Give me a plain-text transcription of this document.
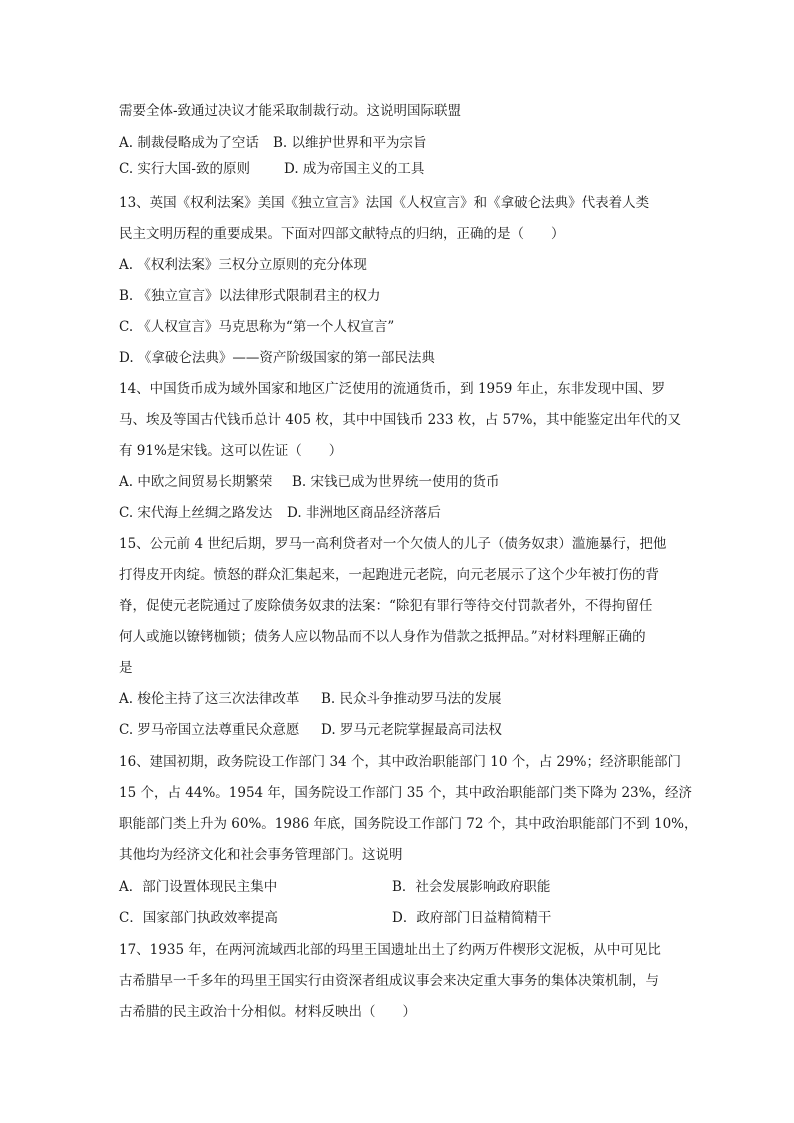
需要全体-致通过决议才能采取制裁行动。这说明国际联盟
A. 制裁侵略成为了空话 B. 以维护世界和平为宗旨
C. 实行大国-致的原则	D. 成为帝国主义的工具
13、英国《权利法案》美国《独立宣言》法国《人权宣言》和《拿破仑法典》代表着人类
民主文明历程的重要成果。下面对四部文献特点的归纳，正确的是（　　）
A. 《权利法案》三权分立原则的充分体现
B. 《独立宣言》以法律形式限制君主的权力
C. 《人权宣言》马克思称为“第一个人权宣言”
D. 《拿破仑法典》——资产阶级国家的第一部民法典
14、中国货币成为域外国家和地区广泛使用的流通货币，到 1959 年止，东非发现中国、罗
马、埃及等国古代钱币总计 405 枚，其中中国钱币 233 枚，占 57%，其中能鉴定出年代的又
有 91%是宋钱。这可以佐证（　　）
A. 中欧之间贸易长期繁荣 B. 宋钱已成为世界统一使用的货币
C. 宋代海上丝绸之路发达 D. 非洲地区商品经济落后
15、公元前 4 世纪后期，罗马一高利贷者对一个欠债人的儿子（债务奴隶）滥施暴行，把他
打得皮开肉绽。愤怒的群众汇集起来，一起跑进元老院，向元老展示了这个少年被打伤的背
脊，促使元老院通过了废除债务奴隶的法案：“除犯有罪行等待交付罚款者外，不得拘留任
何人或施以镣铐枷锁；债务人应以物品而不以人身作为借款之抵押品。”对材料理解正确的
是
A. 梭伦主持了这三次法律改革 B. 民众斗争推动罗马法的发展
C. 罗马帝国立法尊重民众意愿 D. 罗马元老院掌握最高司法权
16、建国初期，政务院设工作部门 34 个，其中政治职能部门 10 个，占 29%；经济职能部门
15 个，占 44%。1954 年，国务院设工作部门 35 个，其中政治职能部门类下降为 23%，经济
职能部门类上升为 60%。1986 年底，国务院设工作部门 72 个，其中政治职能部门不到 10%，
其他均为经济文化和社会事务管理部门。这说明
A．部门设置体现民主集中	B．社会发展影响政府职能
C．国家部门执政效率提高	D．政府部门日益精简精干
17、1935 年，在两河流域西北部的玛里王国遗址出土了约两万件楔形文泥板，从中可见比
古希腊早一千多年的玛里王国实行由资深者组成议事会来决定重大事务的集体决策机制，与
古希腊的民主政治十分相似。材料反映出（　　）
